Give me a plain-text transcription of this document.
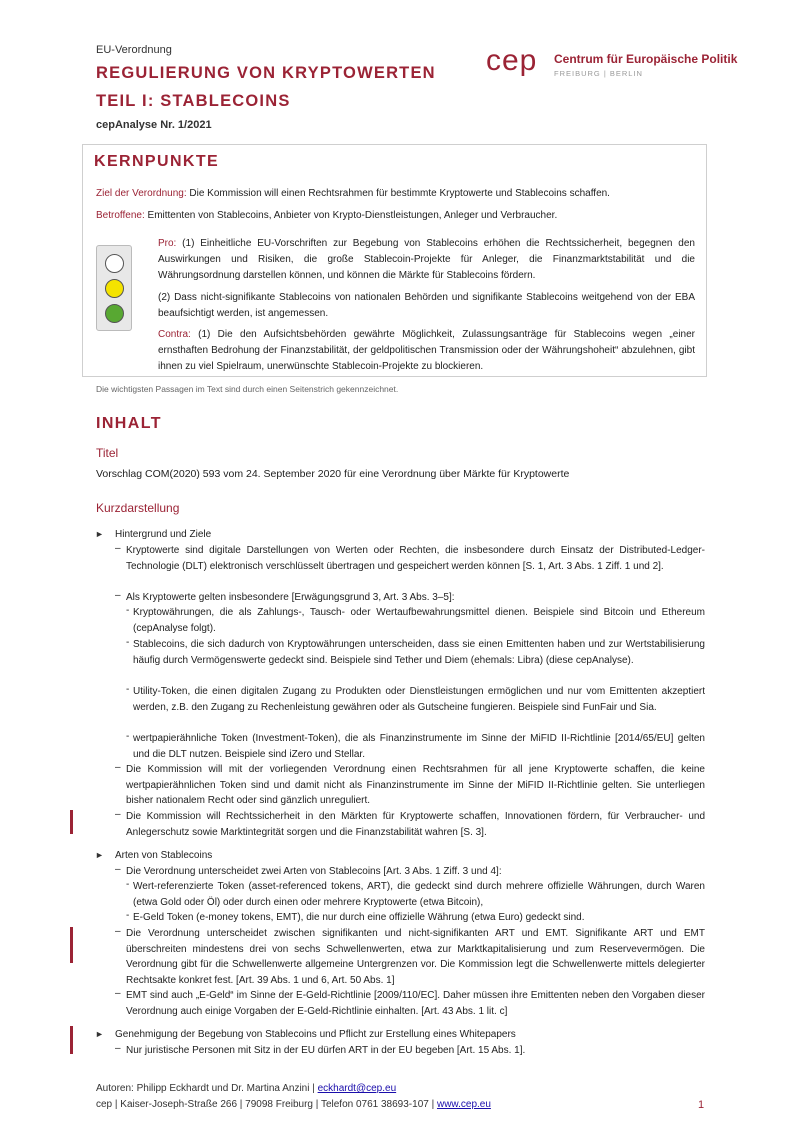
EU-Verordnung
REGULIERUNG VON KRYPTOWERTEN
TEIL I: STABLECOINS
cepAnalyse Nr. 1/2021
cep Centrum für Europäische Politik
FREIBURG | BERLIN
KERNPUNKTE
Ziel der Verordnung: Die Kommission will einen Rechtsrahmen für bestimmte Kryptowerte und Stablecoins schaffen.
Betroffene: Emittenten von Stablecoins, Anbieter von Krypto-Dienstleistungen, Anleger und Verbraucher.
Pro: (1) Einheitliche EU-Vorschriften zur Begebung von Stablecoins erhöhen die Rechtssicherheit, begegnen den Auswirkungen und Risiken, die große Stablecoin-Projekte für Anleger, die Finanzmarktstabilität und die Währungsordnung darstellen können, und können die Märkte für Stablecoins fördern.
(2) Dass nicht-signifikante Stablecoins von nationalen Behörden und signifikante Stablecoins weitgehend von der EBA beaufsichtigt werden, ist angemessen.
Contra: (1) Die den Aufsichtsbehörden gewährte Möglichkeit, Zulassungsanträge für Stablecoins wegen „einer ernsthaften Bedrohung der Finanzstabilität, der geldpolitischen Transmission oder der Währungshoheit“ abzulehnen, gibt ihnen zu viel Spielraum, unerwünschte Stablecoin-Projekte zu blockieren.
Die wichtigsten Passagen im Text sind durch einen Seitenstrich gekennzeichnet.
INHALT
Titel
Vorschlag COM(2020) 593 vom 24. September 2020 für eine Verordnung über Märkte für Kryptowerte
Kurzdarstellung
► Hintergrund und Ziele
– Kryptowerte sind digitale Darstellungen von Werten oder Rechten, die insbesondere durch Einsatz der Distributed-Ledger-Technologie (DLT) elektronisch verschlüsselt übertragen und gespeichert werden können [S. 1, Art. 3 Abs. 1 Ziff. 1 und 2].
– Als Kryptowerte gelten insbesondere [Erwägungsgrund 3, Art. 3 Abs. 3–5]:
- Kryptowährungen, die als Zahlungs-, Tausch- oder Wertaufbewahrungsmittel dienen. Beispiele sind Bitcoin und Ethereum (cepAnalyse folgt).
- Stablecoins, die sich dadurch von Kryptowährungen unterscheiden, dass sie einen Emittenten haben und zur Wertstabilisierung häufig durch Vermögenswerte gedeckt sind. Beispiele sind Tether und Diem (ehemals: Libra) (diese cepAnalyse).
- Utility-Token, die einen digitalen Zugang zu Produkten oder Dienstleistungen ermöglichen und nur vom Emittenten akzeptiert werden, z.B. den Zugang zu Rechenleistung gewähren oder als Gutscheine fungieren. Beispiele sind FunFair und Sia.
- wertpapierähnliche Token (Investment-Token), die als Finanzinstrumente im Sinne der MiFID II-Richtlinie [2014/65/EU] gelten und die DLT nutzen. Beispiele sind iZero und Stellar.
– Die Kommission will mit der vorliegenden Verordnung einen Rechtsrahmen für all jene Kryptowerte schaffen, die keine wertpapierähnlichen Token sind und damit nicht als Finanzinstrumente im Sinne der MiFID II-Richtlinie gelten. Sie unterliegen bisher nationalem Recht oder sind gänzlich unreguliert.
– Die Kommission will Rechtssicherheit in den Märkten für Kryptowerte schaffen, Innovationen fördern, für Verbraucher- und Anlegerschutz sowie Marktintegrität sorgen und die Finanzstabilität wahren [S. 3].
► Arten von Stablecoins
– Die Verordnung unterscheidet zwei Arten von Stablecoins [Art. 3 Abs. 1 Ziff. 3 und 4]:
- Wert-referenzierte Token (asset-referenced tokens, ART), die gedeckt sind durch mehrere offizielle Währungen, durch Waren (etwa Gold oder Öl) oder durch einen oder mehrere Kryptowerte (etwa Bitcoin),
- E-Geld Token (e-money tokens, EMT), die nur durch eine offizielle Währung (etwa Euro) gedeckt sind.
– Die Verordnung unterscheidet zwischen signifikanten und nicht-signifikanten ART und EMT. Signifikante ART und EMT überschreiten mindestens drei von sechs Schwellenwerten, etwa zur Marktkapitalisierung und zum Reservevermögen. Die Verordnung gibt für die Schwellenwerte allgemeine Untergrenzen vor. Die Kommission legt die Schwellenwerte mittels delegierter Rechtsakte konkret fest. [Art. 39 Abs. 1 und 6, Art. 50 Abs. 1]
– EMT sind auch „E-Geld“ im Sinne der E-Geld-Richtlinie [2009/110/EC]. Daher müssen ihre Emittenten neben den Vorgaben dieser Verordnung auch einige Vorgaben der E-Geld-Richtlinie einhalten. [Art. 43 Abs. 1 lit. c]
► Genehmigung der Begebung von Stablecoins und Pflicht zur Erstellung eines Whitepapers
– Nur juristische Personen mit Sitz in der EU dürfen ART in der EU begeben [Art. 15 Abs. 1].
Autoren: Philipp Eckhardt und Dr. Martina Anzini | eckhardt@cep.eu
cep | Kaiser-Joseph-Straße 266 | 79098 Freiburg | Telefon 0761 38693-107 | www.cep.eu	1
